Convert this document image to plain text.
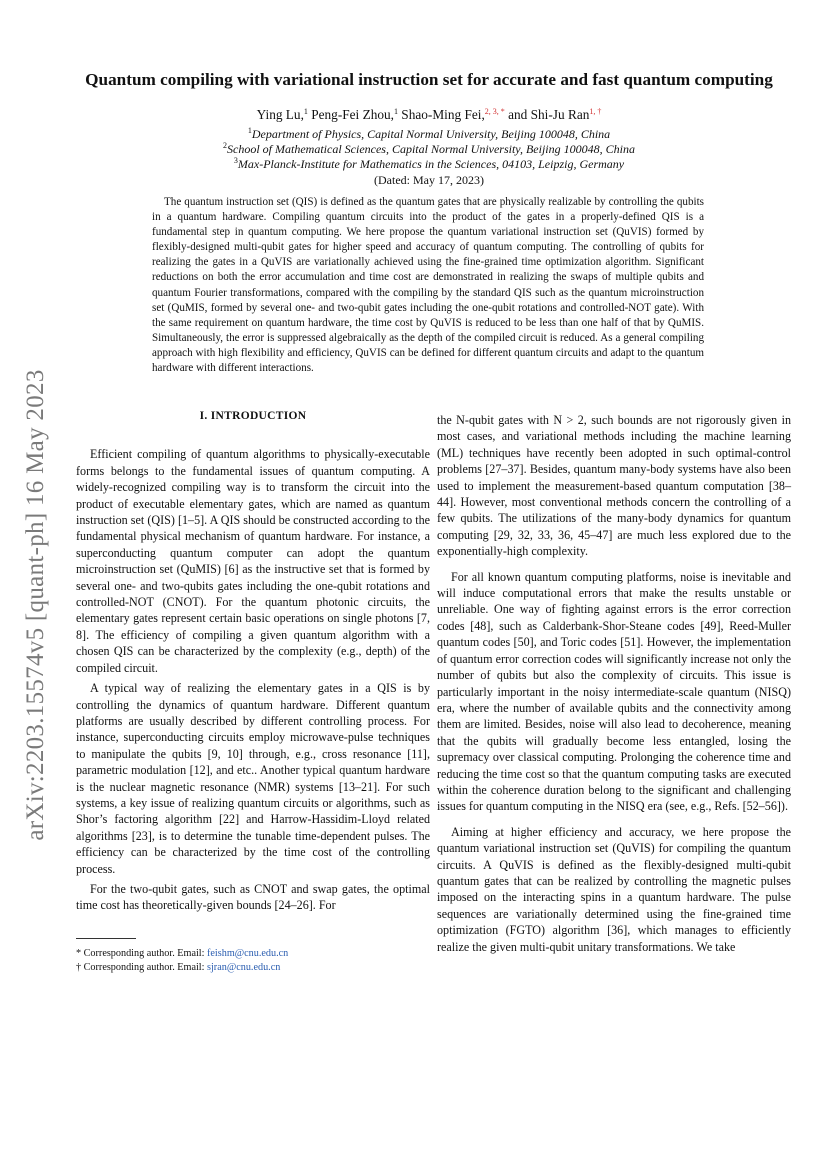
arXiv:2203.15574v5 [quant-ph] 16 May 2023
Quantum compiling with variational instruction set for accurate and fast quantum computing
Ying Lu,$^1$ Peng-Fei Zhou,$^1$ Shao-Ming Fei,$^{2, 3, *}$ and Shi-Ju Ran$^{1, \dagger}$
$^1$Department of Physics, Capital Normal University, Beijing 100048, China
$^2$School of Mathematical Sciences, Capital Normal University, Beijing 100048, China
$^3$Max-Planck-Institute for Mathematics in the Sciences, 04103, Leipzig, Germany
(Dated: May 17, 2023)

The quantum instruction set (QIS) is defined as the quantum gates that are physically realizable by controlling the qubits in a quantum hardware. Compiling quantum circuits into the product of the gates in a properly-defined QIS is a fundamental step in quantum computing. We here propose the quantum variational instruction set (QuVIS) formed by flexibly-designed multi-qubit gates for higher speed and accuracy of quantum computing. The controlling of qubits for realizing the gates in a QuVIS are variationally achieved using the fine-grained time optimization algorithm. Significant reductions on both the error accumulation and time cost are demonstrated in realizing the swaps of multiple qubits and quantum Fourier transformations, compared with the compiling by the standard QIS such as the quantum microinstruction set (QuMIS, formed by several one- and two-qubit gates including the one-qubit rotations and controlled-NOT gate). With the same requirement on quantum hardware, the time cost by QuVIS is reduced to be less than one half of that by QuMIS. Simultaneously, the error is suppressed algebraically as the depth of the compiled circuit is reduced. As a general compiling approach with high flexibility and efficiency, QuVIS can be defined for different quantum circuits and adapt to the quantum hardware with different interactions.

I. INTRODUCTION

Efficient compiling of quantum algorithms to physically-executable forms belongs to the fundamental issues of quantum computing. A widely-recognized compiling way is to transform the circuit into the product of executable elementary gates, which are named as quantum instruction set (QIS) [1–5]. A QIS should be constructed according to the fundamental physical mechanism of quantum hardware. For instance, a superconducting quantum computer can adopt the quantum microinstruction set (QuMIS) [6] as the instructive set that is formed by several one- and two-qubits gates including the one-qubit rotations and controlled-NOT (CNOT). For the quantum photonic circuits, the elementary gates represent certain basic operations on single photons [7, 8]. The efficiency of compiling a given quantum algorithm with a chosen QIS can be characterized by the complexity (e.g., depth) of the compiled circuit.

A typical way of realizing the elementary gates in a QIS is by controlling the dynamics of quantum hardware. Different quantum platforms are usually described by different controlling process. For instance, superconducting circuits employ microwave-pulse techniques to manipulate the qubits [9, 10] through, e.g., cross resonance [11], parametric modulation [12], and etc.. Another typical quantum hardware is the nuclear magnetic resonance (NMR) systems [13–21]. For such systems, a key issue of realizing quantum circuits or algorithms, such as Shor’s factoring algorithm [22] and Harrow-Hassidim-Lloyd related algorithms [23], is to determine the tunable time-dependent pulses. The efficiency can be characterized by the time cost of the controlling process.

For the two-qubit gates, such as CNOT and swap gates, the optimal time cost has theoretically-given bounds [24–26]. For

* Corresponding author. Email: feishm@cnu.edu.cn
† Corresponding author. Email: sjran@cnu.edu.cn

the N-qubit gates with N > 2, such bounds are not rigorously given in most cases, and variational methods including the machine learning (ML) techniques have recently been adopted in such optimal-control problems [27–37]. Besides, quantum many-body systems have also been used to implement the measurement-based quantum computation [38–44]. However, most conventional methods concern the controlling of a few qubits. The utilizations of the many-body dynamics for quantum computing [29, 32, 33, 36, 45–47] are much less explored due to the exponentially-high complexity.

For all known quantum computing platforms, noise is inevitable and will induce computational errors that make the results unstable or unreliable. One way of fighting against errors is the error correction codes [48], such as Calderbank-Shor-Steane codes [49], Reed-Muller quantum codes [50], and Toric codes [51]. However, the implementation of quantum error correction codes will significantly increase not only the number of qubits but also the complexity of circuits. This issue is particularly important in the noisy intermediate-scale quantum (NISQ) era, where the number of available qubits and the connectivity among them are limited. Besides, noise will also lead to decoherence, meaning that the qubits will gradually become less entangled, losing the supremacy over classical computing. Prolonging the coherence time and reducing the time cost so that the quantum computing tasks are executed within the coherence duration belong to the significant and challenging issues for quantum computing in the NISQ era (see, e.g., Refs. [52–56]).

Aiming at higher efficiency and accuracy, we here propose the quantum variational instruction set (QuVIS) for compiling the quantum circuits. A QuVIS is defined as the flexibly-designed multi-qubit quantum gates that can be realized by controlling the magnetic pulses imposed on the interacting spins in a quantum hardware. The pulse sequences are variationally determined using the fine-grained time optimization (FGTO) algorithm [36], which manages to efficiently realize the given multi-qubit unitary transformations. We take
